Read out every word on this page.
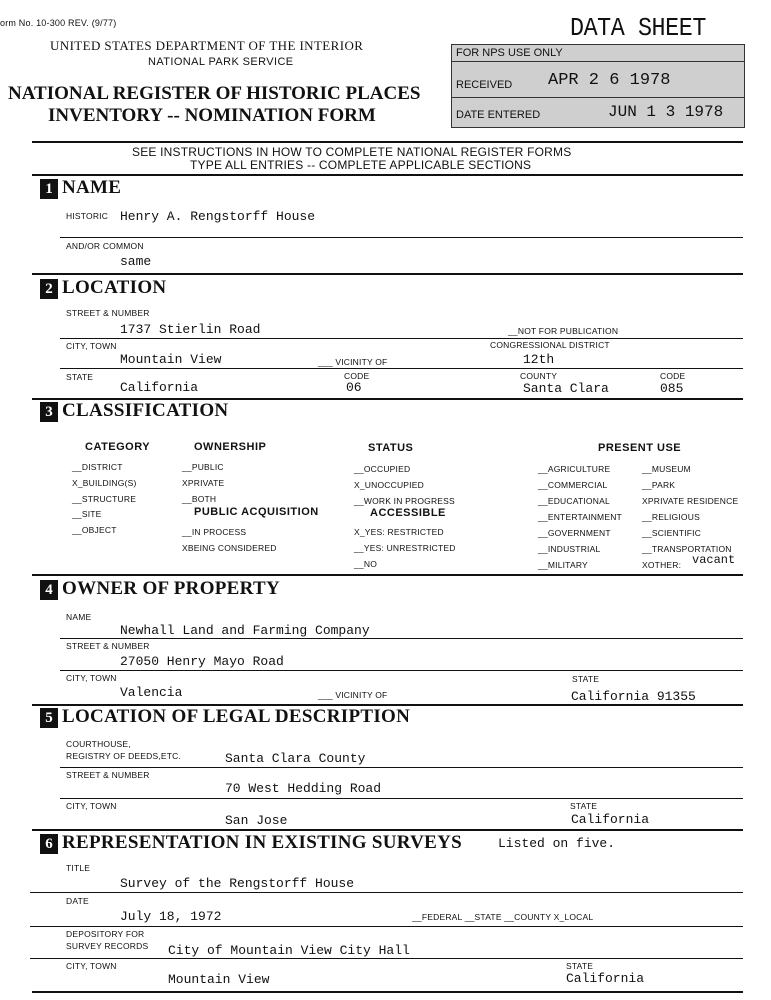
orm No. 10-300 REV. (9/77)
UNITED STATES DEPARTMENT OF THE INTERIOR
NATIONAL PARK SERVICE
NATIONAL REGISTER OF HISTORIC PLACES
INVENTORY -- NOMINATION FORM
DATA SHEET
FOR NPS USE ONLY
RECEIVED APR 2 6 1978
DATE ENTERED	JUN 1 3 1978
SEE INSTRUCTIONS IN HOW TO COMPLETE NATIONAL REGISTER FORMS
TYPE ALL ENTRIES -- COMPLETE APPLICABLE SECTIONS
1 NAME
HISTORIC Henry A. Rengstorff House
AND/OR COMMON
same
2 LOCATION
STREET & NUMBER
1737 Stierlin Road	__NOT FOR PUBLICATION
CITY, TOWN	CONGRESSIONAL DISTRICT
Mountain View	___ VICINITY OF	12th
STATE	CODE	COUNTY	CODE
California	06	Santa Clara	085
3 CLASSIFICATION
CATEGORY	OWNERSHIP	STATUS	PRESENT USE
__DISTRICT
X_BUILDING(S)
__STRUCTURE
__SITE
__OBJECT
__PUBLIC
XPRIVATE
__BOTH
PUBLIC ACQUISITION
__IN PROCESS
XBEING CONSIDERED
__OCCUPIED
X_UNOCCUPIED
__WORK IN PROGRESS
ACCESSIBLE
X_YES: RESTRICTED
__YES: UNRESTRICTED
__NO
__AGRICULTURE
__COMMERCIAL
__EDUCATIONAL
__ENTERTAINMENT
__GOVERNMENT
__INDUSTRIAL
__MILITARY
__MUSEUM
__PARK
XPRIVATE RESIDENCE
__RELIGIOUS
__SCIENTIFIC
__TRANSPORTATION
XOTHER: vacant
4 OWNER OF PROPERTY
NAME
Newhall Land and Farming Company
STREET & NUMBER
27050 Henry Mayo Road
CITY, TOWN	STATE
Valencia	___ VICINITY OF	California 91355
5 LOCATION OF LEGAL DESCRIPTION
COURTHOUSE,
REGISTRY OF DEEDS,ETC.	Santa Clara County
STREET & NUMBER
70 West Hedding Road
CITY, TOWN	STATE
San Jose	California
6 REPRESENTATION IN EXISTING SURVEYS	Listed on five.
TITLE
Survey of the Rengstorff House
DATE
July 18, 1972	__FEDERAL __STATE __COUNTY X_LOCAL
DEPOSITORY FOR
SURVEY RECORDS City of Mountain View City Hall
CITY, TOWN	STATE
Mountain View	California
